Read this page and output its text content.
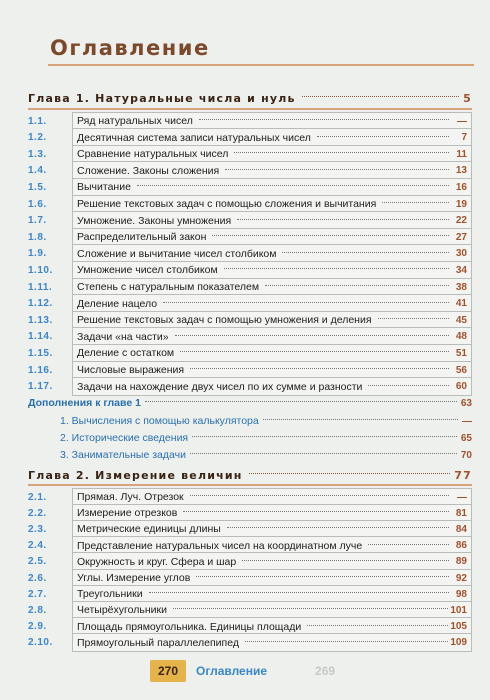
Оглавление
Глава 1. Натуральные числа и нуль	5
1.1.	Ряд натуральных чисел	—
1.2.	Десятичная система записи натуральных чисел	7
1.3.	Сравнение натуральных чисел	11
1.4.	Сложение. Законы сложения	13
1.5.	Вычитание	16
1.6.	Решение текстовых задач с помощью сложения и вычитания	19
1.7.	Умножение. Законы умножения	22
1.8.	Распределительный закон	27
1.9.	Сложение и вычитание чисел столбиком	30
1.10.	Умножение чисел столбиком	34
1.11.	Степень с натуральным показателем	38
1.12.	Деление нацело	41
1.13.	Решение текстовых задач с помощью умножения и деления	45
1.14.	Задачи «на части»	48
1.15.	Деление с остатком	51
1.16.	Числовые выражения	56
1.17.	Задачи на нахождение двух чисел по их сумме и разности	60
Дополнения к главе 1	63
1. Вычисления с помощью калькулятора	—
2. Исторические сведения	65
3. Занимательные задачи	70
Глава 2. Измерение величин	77
2.1.	Прямая. Луч. Отрезок	—
2.2.	Измерение отрезков	81
2.3.	Метрические единицы длины	84
2.4.	Представление натуральных чисел на координатном луче	86
2.5.	Окружность и круг. Сфера и шар	89
2.6.	Углы. Измерение углов	92
2.7.	Треугольники	98
2.8.	Четырёхугольники	101
2.9.	Площадь прямоугольника. Единицы площади	105
2.10.	Прямоугольный параллелепипед	109
270	Оглавление	269
